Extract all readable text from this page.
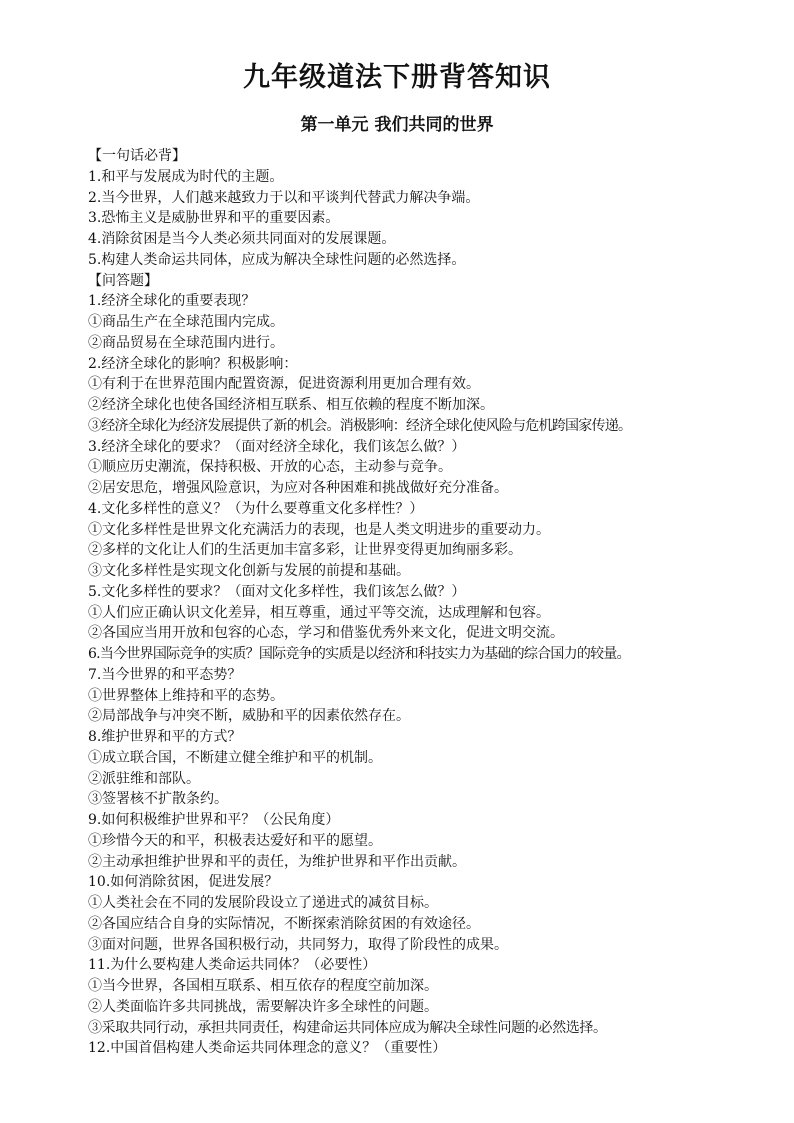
九年级道法下册背答知识
第一单元 我们共同的世界
【一句话必背】
1.和平与发展成为时代的主题。
2.当今世界，人们越来越致力于以和平谈判代替武力解决争端。
3.恐怖主义是威胁世界和平的重要因素。
4.消除贫困是当今人类必须共同面对的发展课题。
5.构建人类命运共同体，应成为解决全球性问题的必然选择。
【问答题】
1.经济全球化的重要表现？
①商品生产在全球范围内完成。
②商品贸易在全球范围内进行。
2.经济全球化的影响？积极影响：
①有利于在世界范围内配置资源，促进资源利用更加合理有效。
②经济全球化也使各国经济相互联系、相互依赖的程度不断加深。
③经济全球化为经济发展提供了新的机会。消极影响：经济全球化使风险与危机跨国家传递。
3.经济全球化的要求？（面对经济全球化，我们该怎么做？）
①顺应历史潮流，保持积极、开放的心态，主动参与竞争。
②居安思危，增强风险意识，为应对各种困难和挑战做好充分准备。
4.文化多样性的意义？（为什么要尊重文化多样性？）
①文化多样性是世界文化充满活力的表现，也是人类文明进步的重要动力。
②多样的文化让人们的生活更加丰富多彩，让世界变得更加绚丽多彩。
③文化多样性是实现文化创新与发展的前提和基础。
5.文化多样性的要求？（面对文化多样性，我们该怎么做？）
①人们应正确认识文化差异，相互尊重，通过平等交流，达成理解和包容。
②各国应当用开放和包容的心态，学习和借鉴优秀外来文化，促进文明交流。
6.当今世界国际竞争的实质？国际竞争的实质是以经济和科技实力为基础的综合国力的较量。
7.当今世界的和平态势？
①世界整体上维持和平的态势。
②局部战争与冲突不断，威胁和平的因素依然存在。
8.维护世界和平的方式？
①成立联合国，不断建立健全维护和平的机制。
②派驻维和部队。
③签署核不扩散条约。
9.如何积极维护世界和平？（公民角度）
①珍惜今天的和平，积极表达爱好和平的愿望。
②主动承担维护世界和平的责任，为维护世界和平作出贡献。
10.如何消除贫困，促进发展？
①人类社会在不同的发展阶段设立了递进式的减贫目标。
②各国应结合自身的实际情况，不断探索消除贫困的有效途径。
③面对问题，世界各国积极行动，共同努力，取得了阶段性的成果。
11.为什么要构建人类命运共同体？（必要性）
①当今世界，各国相互联系、相互依存的程度空前加深。
②人类面临许多共同挑战，需要解决许多全球性的问题。
③采取共同行动，承担共同责任，构建命运共同体应成为解决全球性问题的必然选择。
12.中国首倡构建人类命运共同体理念的意义？（重要性）
